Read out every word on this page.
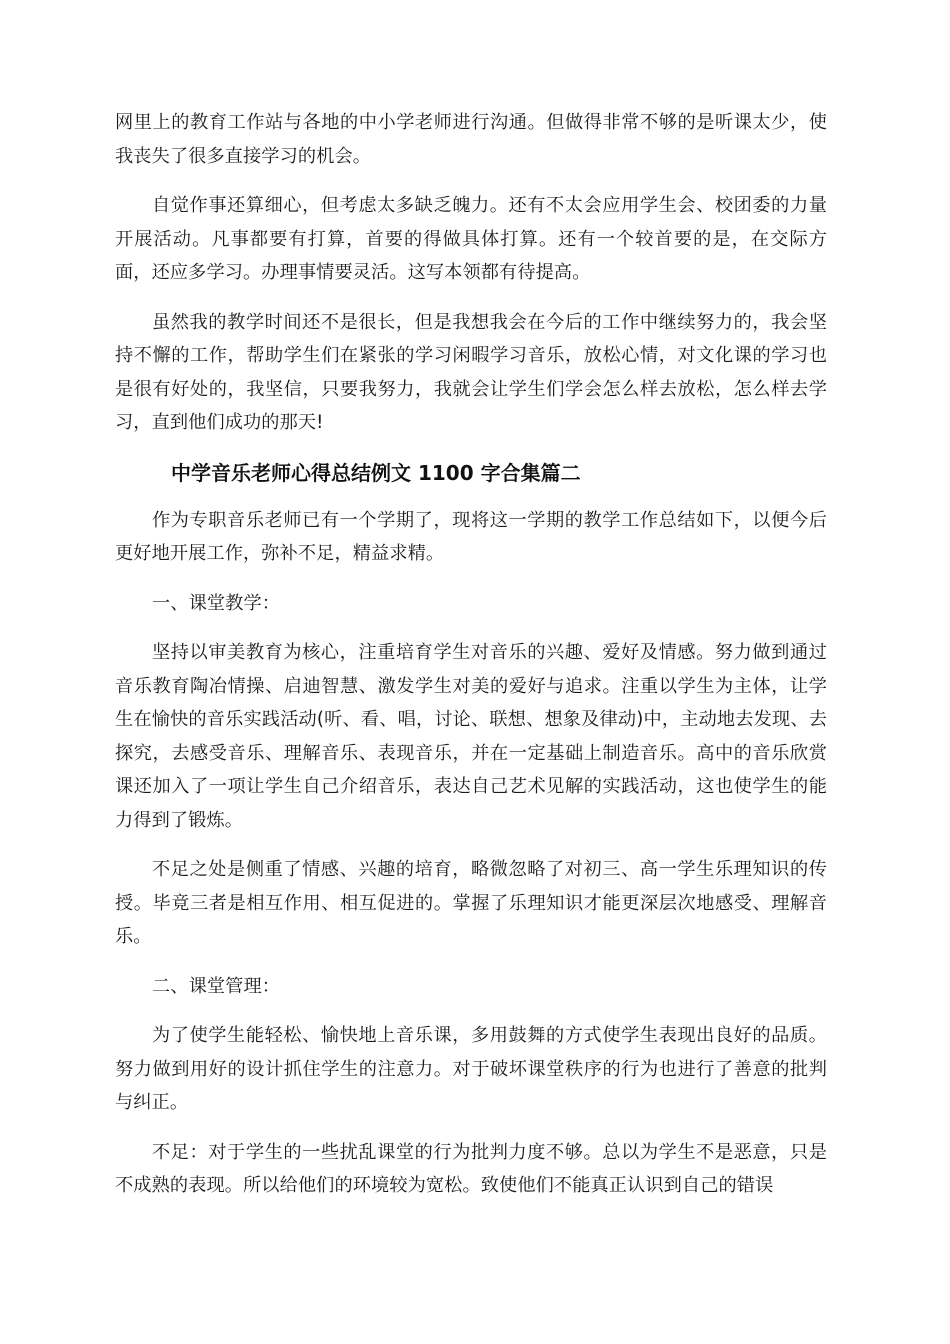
网里上的教育工作站与各地的中小学老师进行沟通。但做得非常不够的是听课太少，使我丧失了很多直接学习的机会。

自觉作事还算细心，但考虑太多缺乏魄力。还有不太会应用学生会、校团委的力量开展活动。凡事都要有打算，首要的得做具体打算。还有一个较首要的是，在交际方面，还应多学习。办理事情要灵活。这写本领都有待提高。

虽然我的教学时间还不是很长，但是我想我会在今后的工作中继续努力的，我会坚持不懈的工作，帮助学生们在紧张的学习闲暇学习音乐，放松心情，对文化课的学习也是很有好处的，我坚信，只要我努力，我就会让学生们学会怎么样去放松，怎么样去学习，直到他们成功的那天!

中学音乐老师心得总结例文 1100 字合集篇二

作为专职音乐老师已有一个学期了，现将这一学期的教学工作总结如下，以便今后更好地开展工作，弥补不足，精益求精。

一、课堂教学：

坚持以审美教育为核心，注重培育学生对音乐的兴趣、爱好及情感。努力做到通过音乐教育陶冶情操、启迪智慧、激发学生对美的爱好与追求。注重以学生为主体，让学生在愉快的音乐实践活动(听、看、唱，讨论、联想、想象及律动)中，主动地去发现、去探究，去感受音乐、理解音乐、表现音乐，并在一定基础上制造音乐。高中的音乐欣赏课还加入了一项让学生自己介绍音乐，表达自己艺术见解的实践活动，这也使学生的能力得到了锻炼。

不足之处是侧重了情感、兴趣的培育，略微忽略了对初三、高一学生乐理知识的传授。毕竟三者是相互作用、相互促进的。掌握了乐理知识才能更深层次地感受、理解音乐。

二、课堂管理：

为了使学生能轻松、愉快地上音乐课，多用鼓舞的方式使学生表现出良好的品质。努力做到用好的设计抓住学生的注意力。对于破坏课堂秩序的行为也进行了善意的批判与纠正。

不足：对于学生的一些扰乱课堂的行为批判力度不够。总以为学生不是恶意，只是不成熟的表现。所以给他们的环境较为宽松。致使他们不能真正认识到自己的错误
